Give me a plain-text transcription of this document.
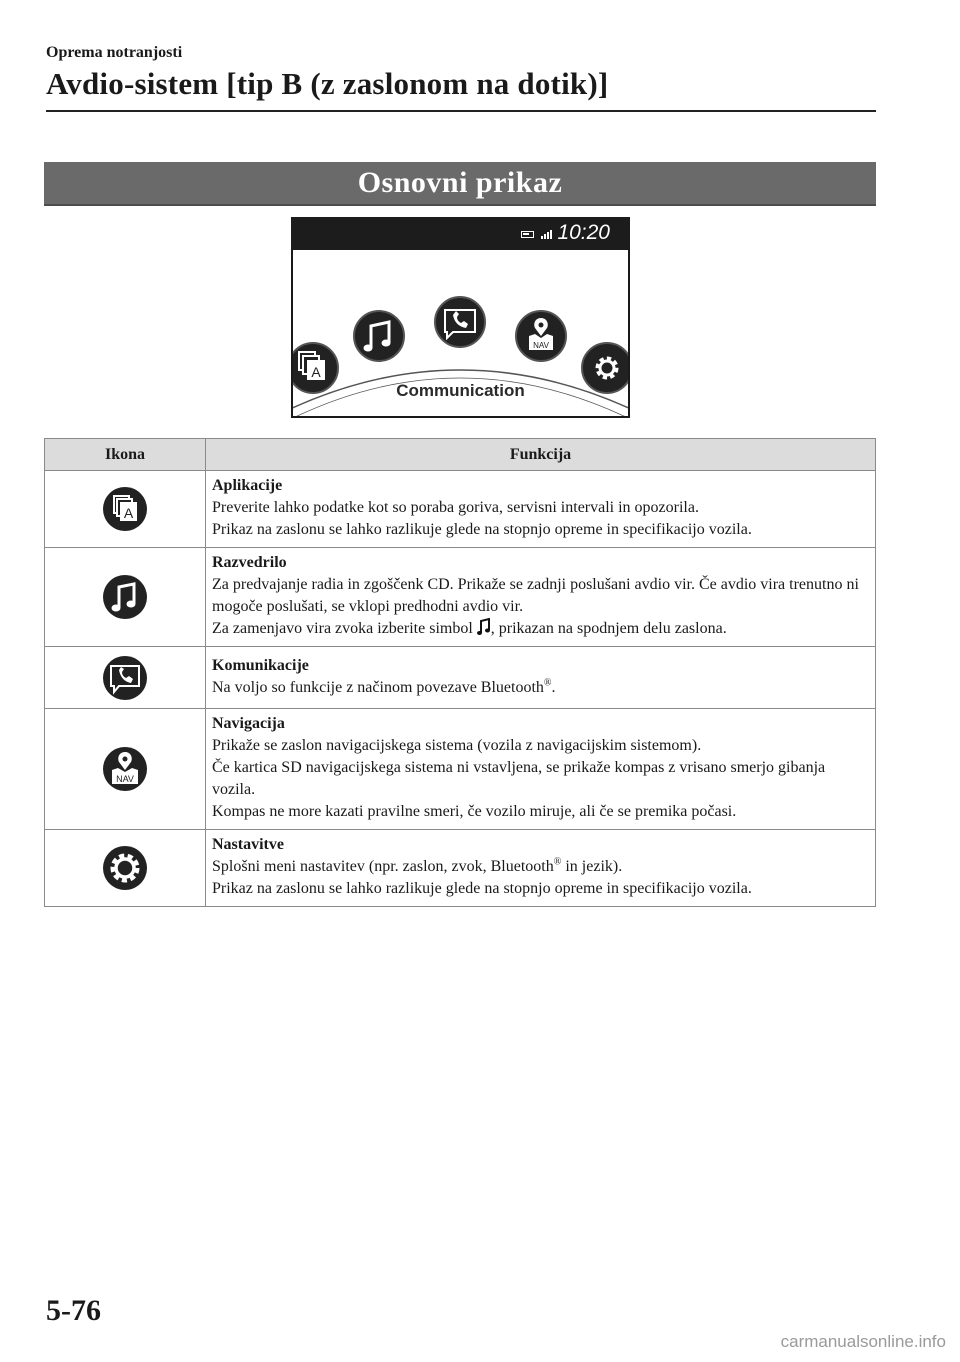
Oprema notranjosti
Avdio-sistem [tip B (z zaslonom na dotik)]
Osnovni prikaz
10:20
A
NAV
Communication
Ikona	Funkcija

A	Aplikacije
Preverite lahko podatke kot so poraba goriva, servisni intervali in opozorila.
Prikaz na zaslonu se lahko razlikuje glede na stopnjo opreme in specifikacijo vozila.

Razvedrilo
Za predvajanje radia in zgoščenk CD. Prikaže se zadnji poslušani avdio vir. Če avdio vira trenutno ni mogoče poslušati, se vklopi predhodni avdio vir.
Za zamenjavo vira zvoka izberite simbol , prikazan na spodnjem delu zaslona.

Komunikacije
Na voljo so funkcije z načinom povezave Bluetooth®.

NAV	Navigacija
Prikaže se zaslon navigacijskega sistema (vozila z navigacijskim sistemom).
Če kartica SD navigacijskega sistema ni vstavljena, se prikaže kompas z vrisano smerjo gibanja vozila.
Kompas ne more kazati pravilne smeri, če vozilo miruje, ali če se premika počasi.

Nastavitve
Splošni meni nastavitev (npr. zaslon, zvok, Bluetooth® in jezik).
Prikaz na zaslonu se lahko razlikuje glede na stopnjo opreme in specifikacijo vozila.
5-76
carmanualsonline.info
